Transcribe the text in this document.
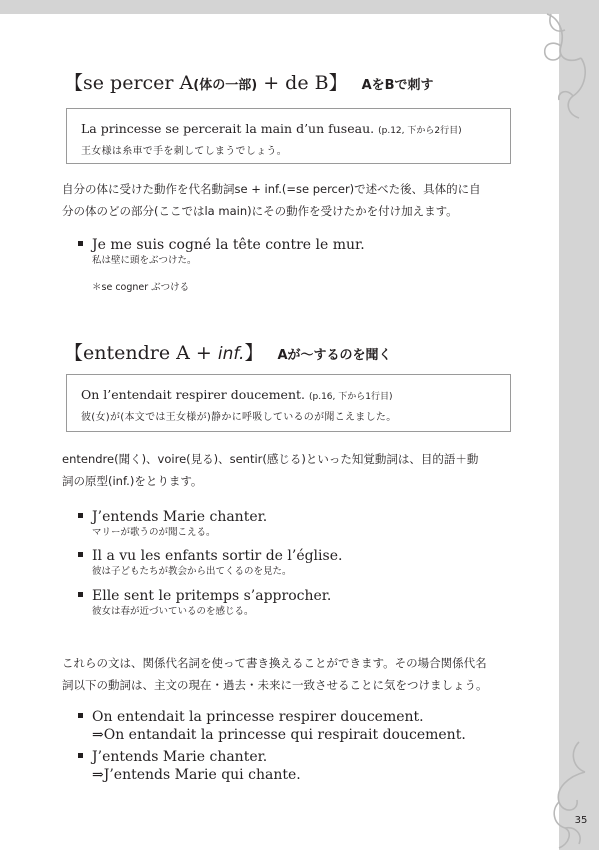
【se percer A(体の一部) + de B】 AをBで刺す
La princesse se percerait la main d’un fuseau. (p.12, 下から2行目)
王女様は糸車で手を刺してしまうでしょう。
自分の体に受けた動作を代名動詞se + inf.(=se percer)で述べた後、具体的に自
分の体のどの部分(ここではla main)にその動作を受けたかを付け加えます。
Je me suis cogné la tête contre le mur.
私は壁に頭をぶつけた。
＊se cogner ぶつける
【entendre A + inf.】 Aが～するのを聞く
On l’entendait respirer doucement. (p.16, 下から1行目)
彼(女)が(本文では王女様が)静かに呼吸しているのが聞こえました。
entendre(聞く)、voire(見る)、sentir(感じる)といった知覚動詞は、目的語＋動
詞の原型(inf.)をとります。
J’entends Marie chanter.
マリーが歌うのが聞こえる。
Il a vu les enfants sortir de l’église.
彼は子どもたちが教会から出てくるのを見た。
Elle sent le pritemps s’approcher.
彼女は春が近づいているのを感じる。
これらの文は、関係代名詞を使って書き換えることができます。その場合関係代名
詞以下の動詞は、主文の現在・過去・未来に一致させることに気をつけましょう。
On entendait la princesse respirer doucement.
⇒On entandait la princesse qui respirait doucement.
J’entends Marie chanter.
⇒J’entends Marie qui chante.
35
